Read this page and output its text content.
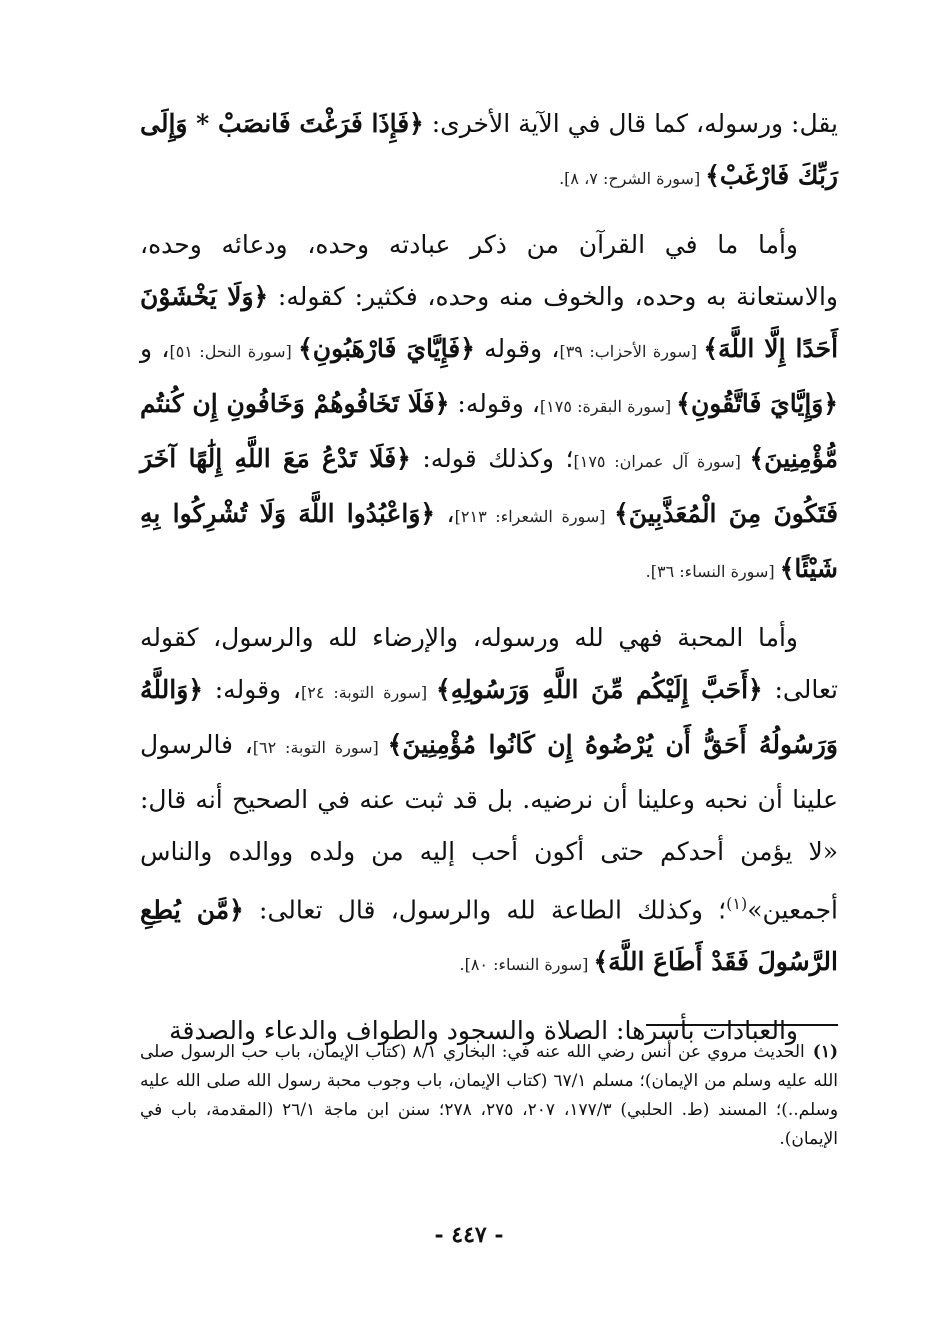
يقل: ورسوله، كما قال في الآية الأخرى: ﴿فَإِذَا فَرَغْتَ فَانصَبْ * وَإِلَى رَبِّكَ فَارْغَبْ﴾ [سورة الشرح: ٧، ٨].

وأما ما في القرآن من ذكر عبادته وحده، ودعائه وحده، والاستعانة به وحده، والخوف منه وحده، فكثير: كقوله: ﴿وَلَا يَخْشَوْنَ أَحَدًا إِلَّا اللَّهَ﴾ [سورة الأحزاب: ٣٩]، وقوله ﴿فَإِيَّايَ فَارْهَبُونِ﴾ [سورة النحل: ٥١]، و ﴿وَإِيَّايَ فَاتَّقُونِ﴾ [سورة البقرة: ١٧٥]، وقوله: ﴿فَلَا تَخَافُوهُمْ وَخَافُونِ إِن كُنتُم مُّؤْمِنِينَ﴾ [سورة آل عمران: ١٧٥]؛ وكذلك قوله: ﴿فَلَا تَدْعُ مَعَ اللَّهِ إِلَٰهًا آخَرَ فَتَكُونَ مِنَ الْمُعَذَّبِينَ﴾ [سورة الشعراء: ٢١٣]، ﴿وَاعْبُدُوا اللَّهَ وَلَا تُشْرِكُوا بِهِ شَيْئًا﴾ [سورة النساء: ٣٦].

وأما المحبة فهي لله ورسوله، والإرضاء لله والرسول، كقوله تعالى: ﴿أَحَبَّ إِلَيْكُم مِّنَ اللَّهِ وَرَسُولِهِ﴾ [سورة التوبة: ٢٤]، وقوله: ﴿وَاللَّهُ وَرَسُولُهُ أَحَقُّ أَن يُرْضُوهُ إِن كَانُوا مُؤْمِنِينَ﴾ [سورة التوبة: ٦٢]، فالرسول علينا أن نحبه وعلينا أن نرضيه. بل قد ثبت عنه في الصحيح أنه قال: «لا يؤمن أحدكم حتى أكون أحب إليه من ولده ووالده والناس أجمعين»$^{(١)}$؛ وكذلك الطاعة لله والرسول، قال تعالى: ﴿مَّن يُطِعِ الرَّسُولَ فَقَدْ أَطَاعَ اللَّهَ﴾ [سورة النساء: ٨٠].

والعبادات بأسرها: الصلاة والسجود والطواف والدعاء والصدقة

(١)الحديث مروي عن أنس رضي الله عنه في: البخاري ٨/١ (كتاب الإيمان، باب حب الرسول صلى الله عليه وسلم من الإيمان)؛ مسلم ٦٧/١ (كتاب الإيمان، باب وجوب محبة رسول الله صلى الله عليه وسلم..)؛ المسند (ط. الحلبي) ١٧٧/٣، ٢٠٧، ٢٧٥، ٢٧٨؛ سنن ابن ماجة ٢٦/١ (المقدمة، باب في الإيمان).
- ٤٤٧ -
